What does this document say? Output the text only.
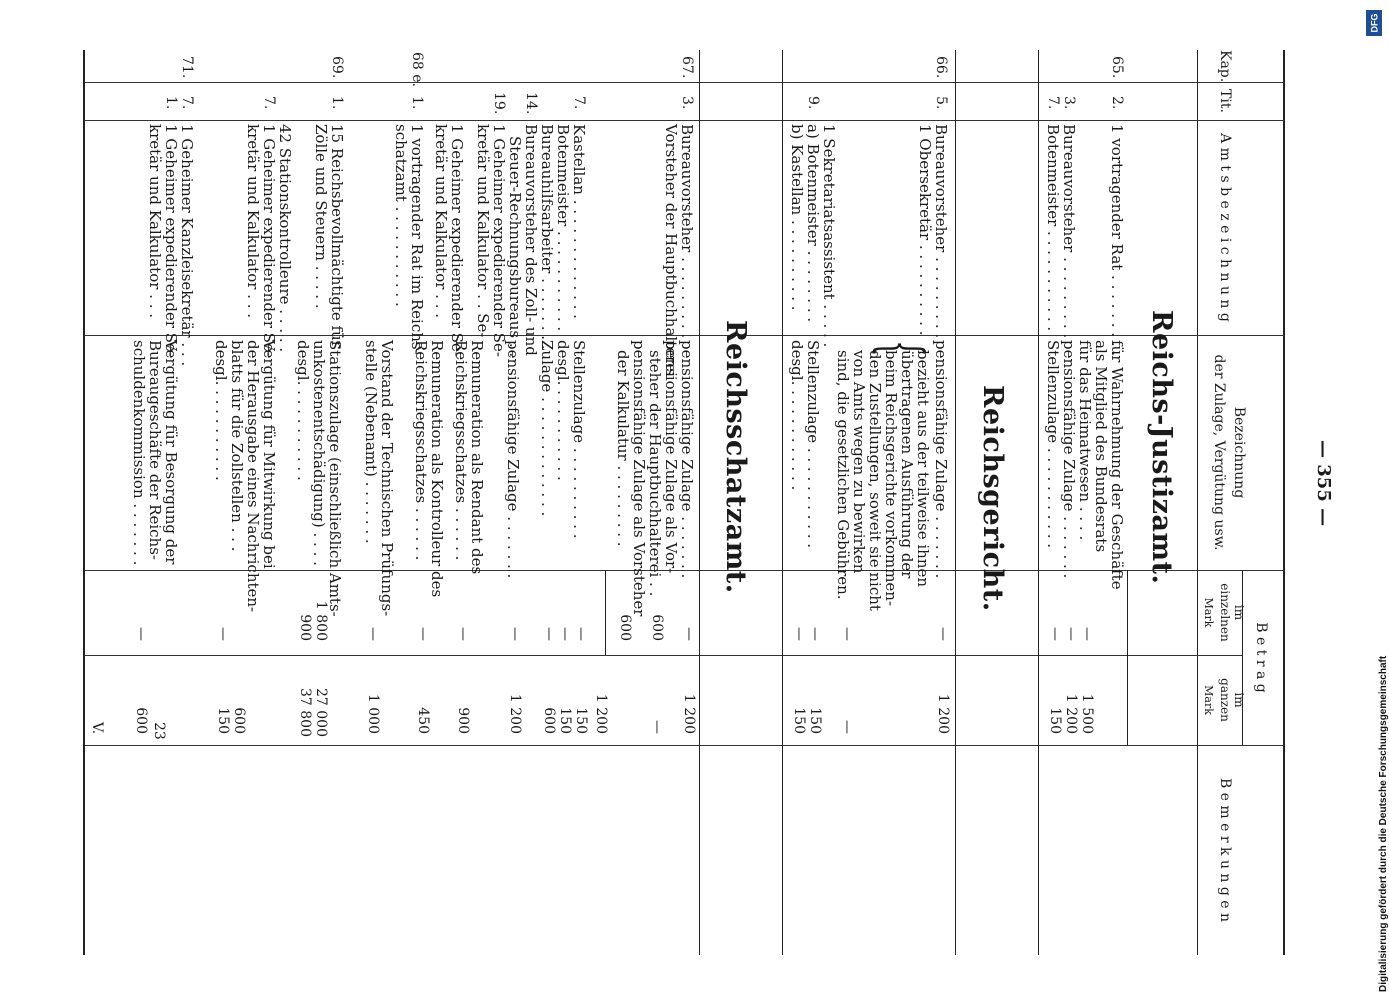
— 355 —
Kap.
Tit.
A m t s b e z e i c h n u n g
Bezeichnung
der Zulage, Vergütung usw.
B e t r a g
im
einzelnen
Mark
im
ganzen
Mark
B e m e r k u n g e n
Reichs-Justizamt.
65.
2.
3.
7.
1 vortragender Rat . . . . . . . . .
Bureauvorsteher . . . . . . . . .
Botenmeister . . . . . . . . . . .
für Wahrnehmung der Geschäfte
als Mitglied des Bundesrats
für das Heimatwesen . . . .
pensionsfähige Zulage . . . . . . .
Stellenzulage . . . . . . . . . . .
—
—
—
1 500
1 200
150
Reichsgericht.
66.
5.
9.
Bureauvorsteher . . . . . . . . .
1 Obersekretär . . . . . . . . . .
1 Sekretariatsassistent . . . . .
a) Botenmeister . . . . . . . .
b) Kastellan . . . . . . . . . .
{
pensionsfähige Zulage . . . . . . .
bezieht aus der teilweise ihnen
übertragenen Ausführung der
beim Reichsgerichte vorkommen-
den Zustellungen, soweit sie nicht
von Amts wegen zu bewirken
sind, die gesetzlichen Gebühren.
Stellenzulage . . . . . . . . . . .
desgl. . . . . . . . . . . .
—
—
—
—
1 200
—
150
150
Reichsschatzamt.
67.
68 e.
69.
71.
3.
7.
14.
19.
1.
1.
7.
7.
1.
Bureauvorsteher . . . . . . . . .
Vorsteher der Hauptbuchhalterei
Kastellan . . . . . . . . . . . . .
Botenmeister . . . . . . . . . . .
Bureauhilfsarbeiter . . . . . . . .
Bureauvorsteher des Zoll- und
Steuer-Rechnungsbureaus . .
1 Geheimer expedierender Se-
kretär und Kalkulator . . Se-
1 Geheimer expedierender Se-
kretär und Kalkulator . . .
1 vortragender Rat im Reichs-
schatzamt . . . . . . . . . . .
15 Reichsbevollmächtigte für
Zölle und Steuern . . . . .
42 Stationskontrolleure . . . . .
1 Geheimer expedierender Se-
kretär und Kalkulator . . .
1 Geheimer Kanzleisekretär . . .
1 Geheimer expedierender Se-
kretär und Kalkulator . . .
pensionsfähige Zulage . . . . . . .
pensionsfähige Zulage als Vor-
steher der Hauptbuchhalterei . .
pensionsfähige Zulage als Vorsteher
der Kalkulatur . . . . . . . . .
Stellenzulage . . . . . . . . . .
desgl. . . . . . . . . . .
Zulage . . . . . . . . . . . . .
pensionsfähige Zulage . . . . . . .
Remuneration als Rendant des
Reichskriegsschatzes . . . . . .
Remuneration als Kontrolleur des
Reichskriegsschatzes . . . . . .
Vorstand der Technischen Prüfungs-
stelle (Nebenamt) . . . . . . .
Stationszulage (einschließlich Amts-
unkostenentschädigung) . . . .
desgl. . . . . . . . . . .
Vergütung für Mitwirkung bei
der Herausgabe eines Nachrichten-
blatts für die Zollstellen . . .
desgl. . . . . . . . . . .
Vergütung für Besorgung der
Bureaugeschäfte der Reichs-
schuldenkommission . . . . . . .
—
600
600
—
—
—
—
—
—
—
1 800
900
—
—
1 200
—
1 200
150
150
600
1 200
900
450
1 000
27 000
37 800
600
150
600
V.	23
DFG
Digitalisierung gefördert durch die Deutsche Forschungsgemeinschaft
